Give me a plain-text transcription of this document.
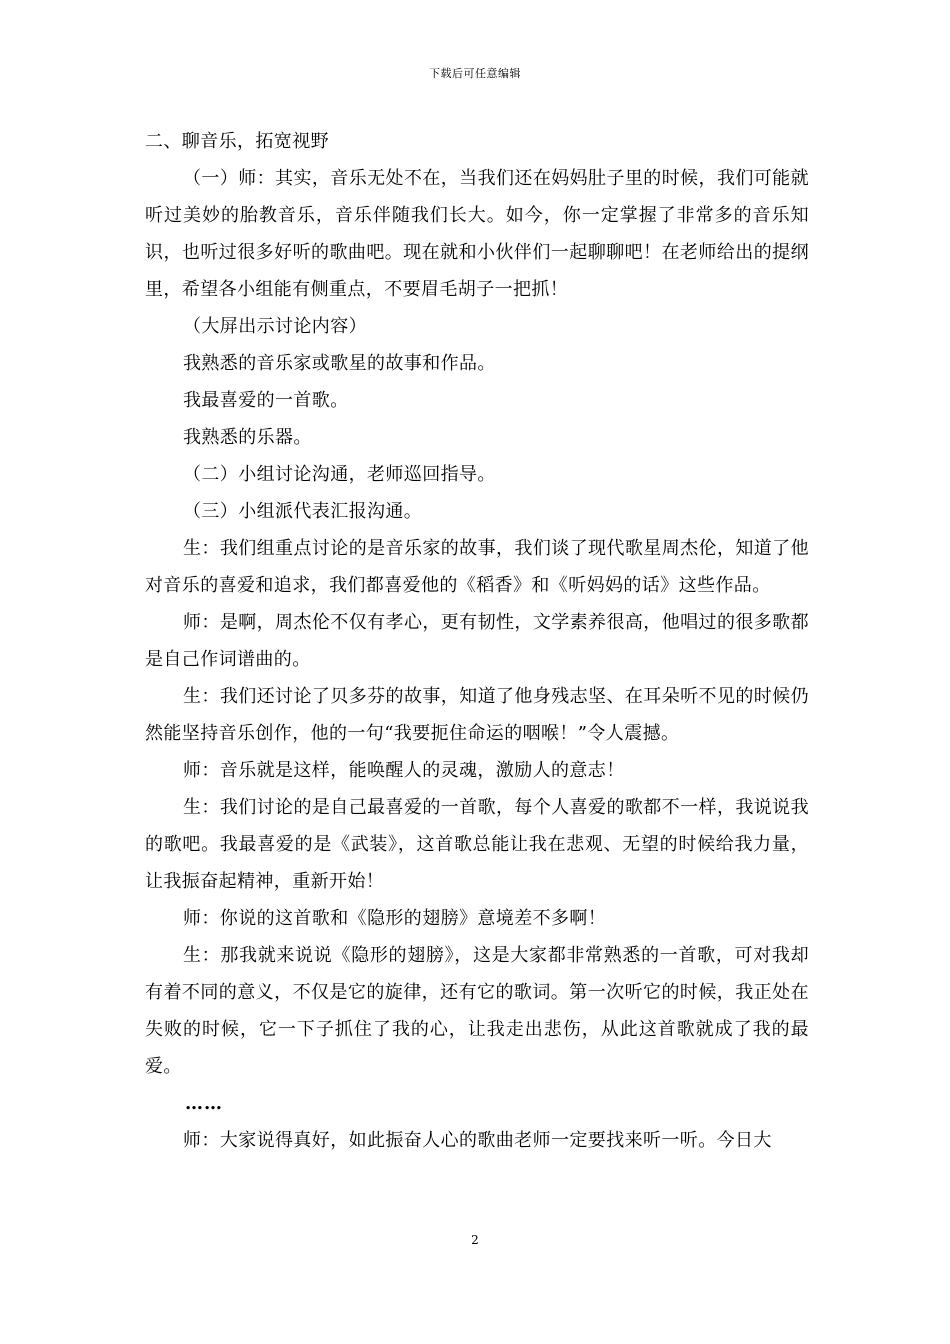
下载后可任意编辑

二、聊音乐，拓宽视野

（一）师：其实，音乐无处不在，当我们还在妈妈肚子里的时候，我们可能就听过美妙的胎教音乐，音乐伴随我们长大。如今，你一定掌握了非常多的音乐知识，也听过很多好听的歌曲吧。现在就和小伙伴们一起聊聊吧！在老师给出的提纲里，希望各小组能有侧重点，不要眉毛胡子一把抓！

（大屏出示讨论内容）

我熟悉的音乐家或歌星的故事和作品。

我最喜爱的一首歌。

我熟悉的乐器。

（二）小组讨论沟通，老师巡回指导。

（三）小组派代表汇报沟通。

生：我们组重点讨论的是音乐家的故事，我们谈了现代歌星周杰伦，知道了他对音乐的喜爱和追求，我们都喜爱他的《稻香》和《听妈妈的话》这些作品。

师：是啊，周杰伦不仅有孝心，更有韧性，文学素养很高，他唱过的很多歌都是自己作词谱曲的。

生：我们还讨论了贝多芬的故事，知道了他身残志坚、在耳朵听不见的时候仍然能坚持音乐创作，他的一句“我要扼住命运的咽喉！”令人震撼。

师：音乐就是这样，能唤醒人的灵魂，激励人的意志！

生：我们讨论的是自己最喜爱的一首歌，每个人喜爱的歌都不一样，我说说我的歌吧。我最喜爱的是《武装》，这首歌总能让我在悲观、无望的时候给我力量，让我振奋起精神，重新开始！

师：你说的这首歌和《隐形的翅膀》意境差不多啊！

生：那我就来说说《隐形的翅膀》，这是大家都非常熟悉的一首歌，可对我却有着不同的意义，不仅是它的旋律，还有它的歌词。第一次听它的时候，我正处在失败的时候，它一下子抓住了我的心，让我走出悲伤，从此这首歌就成了我的最爱。

……

师：大家说得真好，如此振奋人心的歌曲老师一定要找来听一听。今日大

2
